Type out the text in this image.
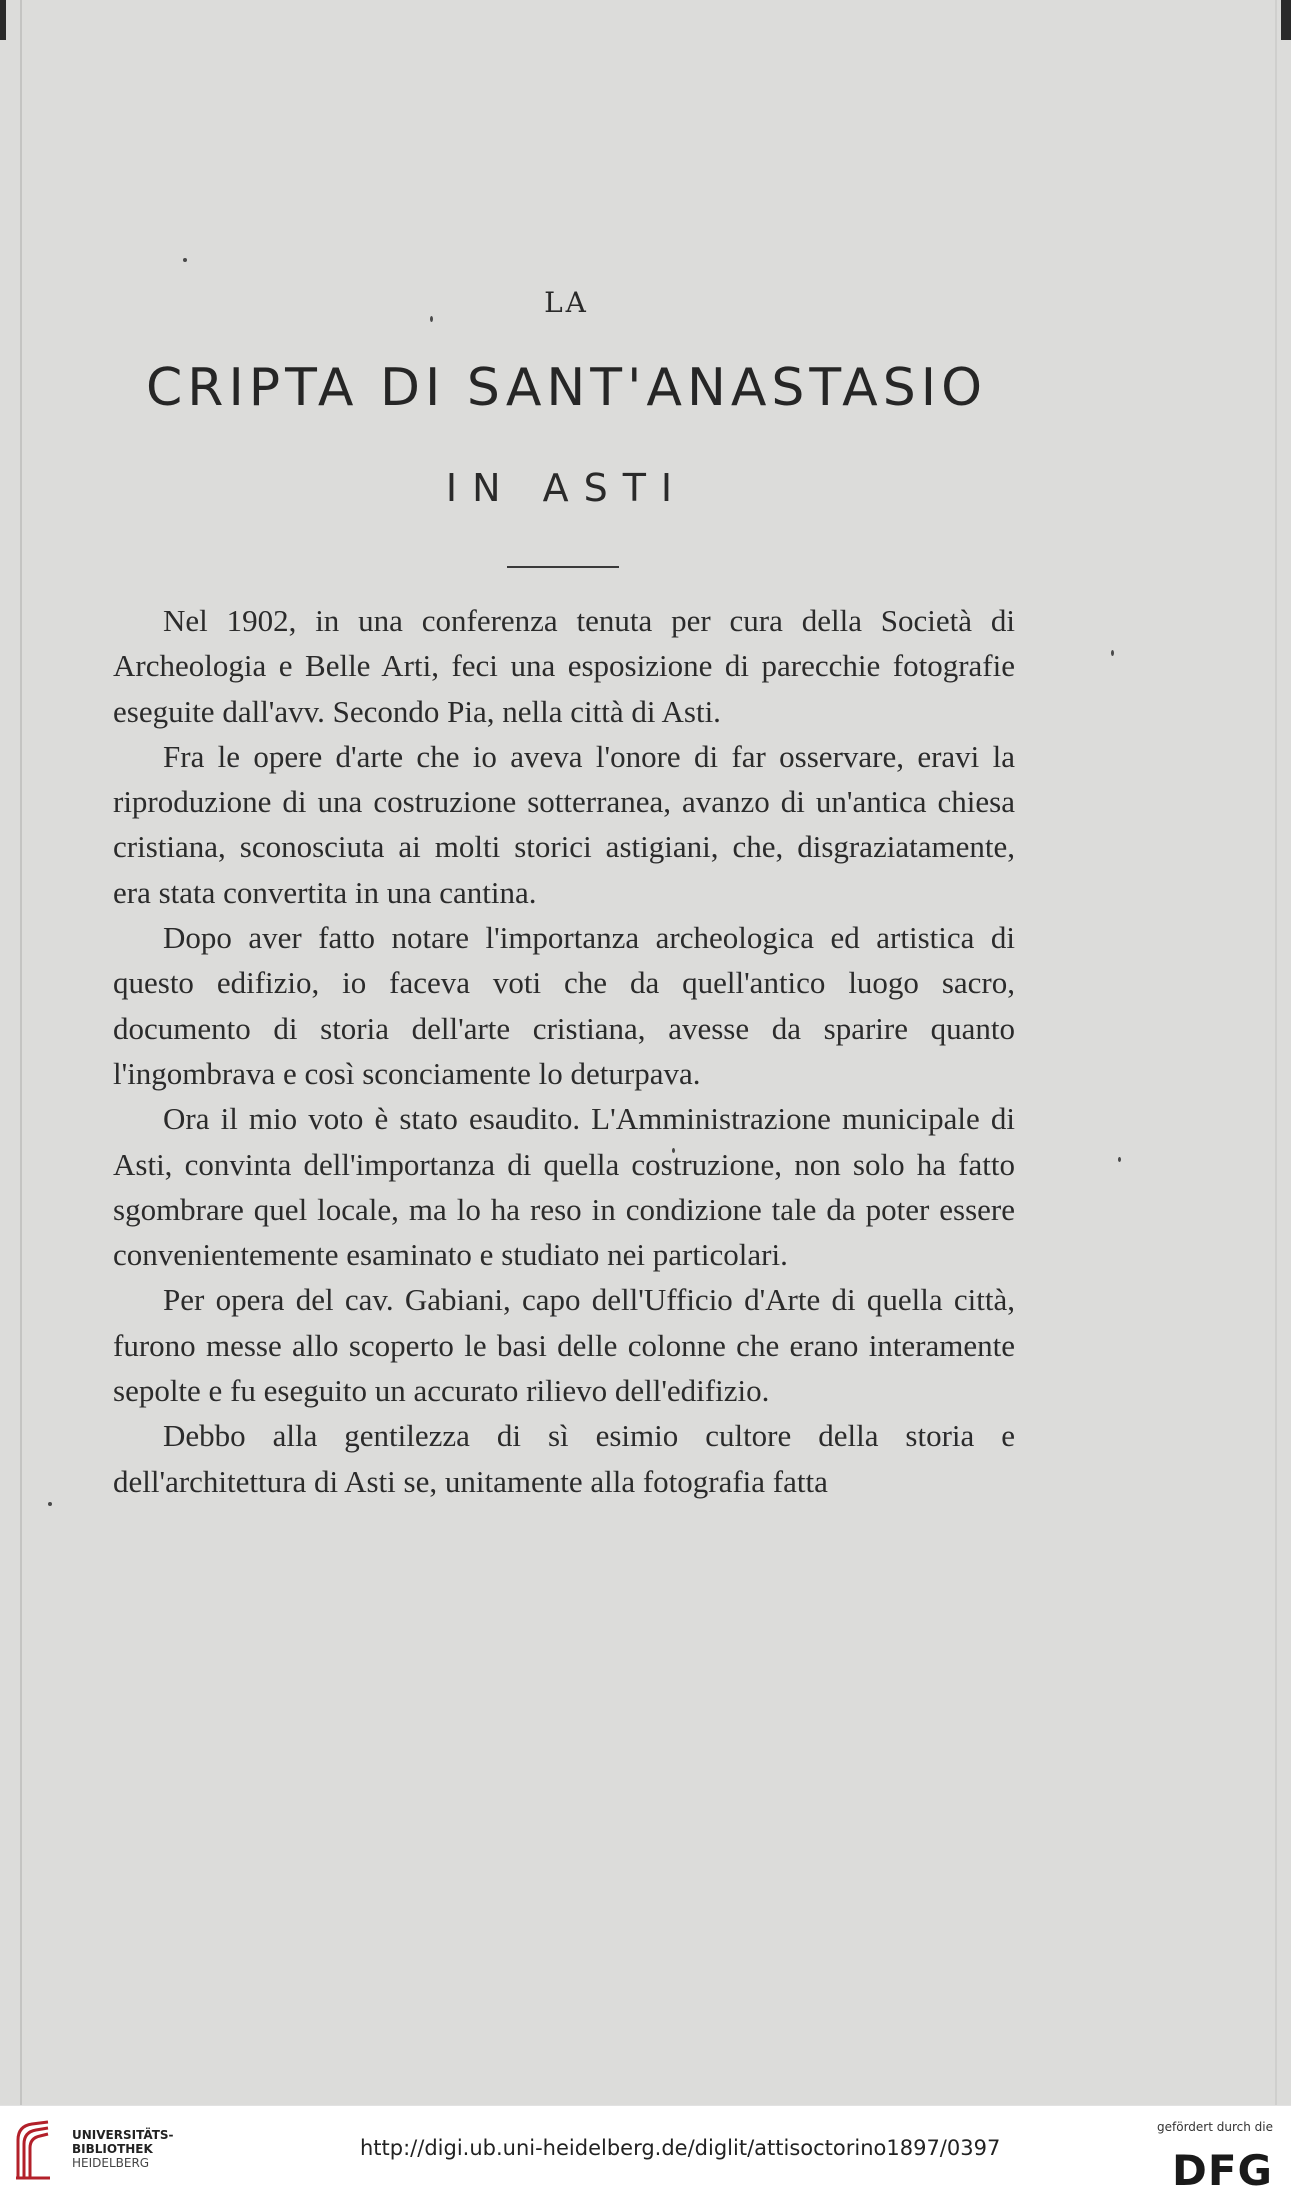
LA
CRIPTA DI SANT'ANASTASIO
IN ASTI

Nel 1902, in una conferenza tenuta per cura della Società di Archeologia e Belle Arti, feci una esposizione di parecchie fotografie eseguite dall'avv. Secondo Pia, nella città di Asti.

Fra le opere d'arte che io aveva l'onore di far osservare, eravi la riproduzione di una costruzione sotterranea, avanzo di un'antica chiesa cristiana, sconosciuta ai molti storici astigiani, che, disgraziatamente, era stata convertita in una cantina.

Dopo aver fatto notare l'importanza archeologica ed artistica di questo edifizio, io faceva voti che da quell'antico luogo sacro, documento di storia dell'arte cristiana, avesse da sparire quanto l'ingombrava e così sconciamente lo deturpava.

Ora il mio voto è stato esaudito. L'Amministrazione municipale di Asti, convinta dell'importanza di quella costruzione, non solo ha fatto sgombrare quel locale, ma lo ha reso in condizione tale da poter essere convenientemente esaminato e studiato nei particolari.

Per opera del cav. Gabiani, capo dell'Ufficio d'Arte di quella città, furono messe allo scoperto le basi delle colonne che erano interamente sepolte e fu eseguito un accurato rilievo dell'edifizio.

Debbo alla gentilezza di sì esimio cultore della storia e dell'architettura di Asti se, unitamente alla fotografia fatta

UNIVERSITÄTS-
BIBLIOTHEK
HEIDELBERG
http://digi.ub.uni-heidelberg.de/diglit/attisoctorino1897/0397
gefördert durch die
DFG
